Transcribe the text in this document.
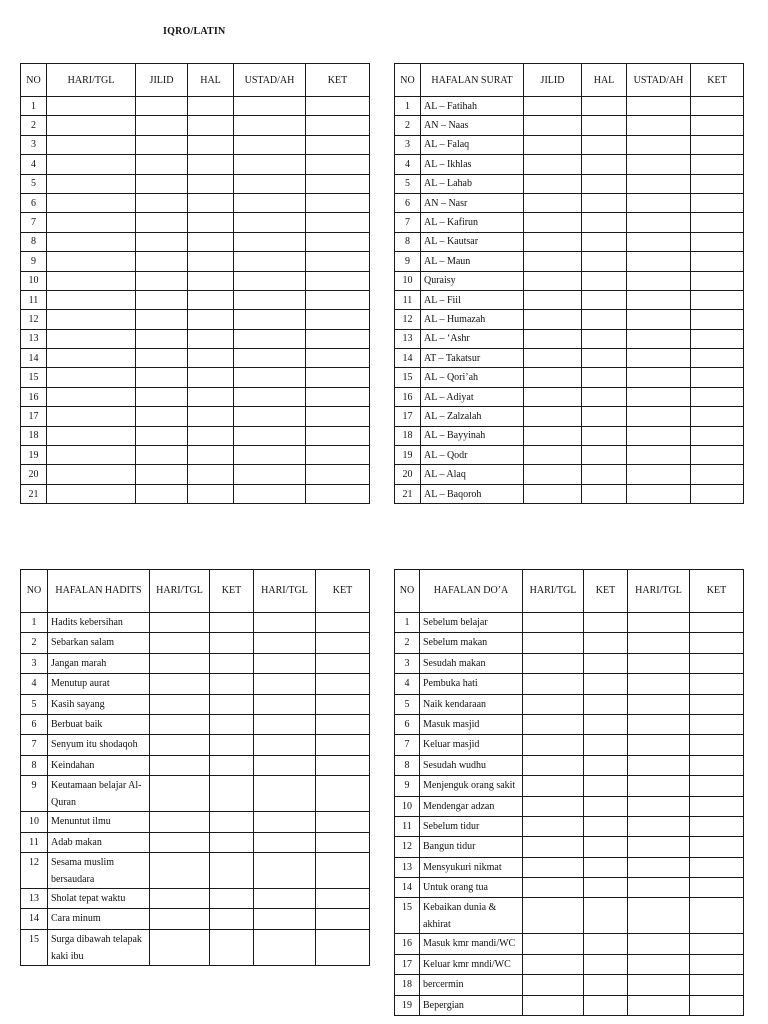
IQRO/LATIN
NO	HARI/TGL	JILID	HAL	USTAD/AH	KET
1					
2					
3					
4					
5					
6					
7					
8					
9					
10					
11					
12					
13					
14					
15					
16					
17					
18					
19					
20					
21					
NO	HAFALAN SURAT	JILID	HAL	USTAD/AH	KET
1	AL – Fatihah				
2	AN – Naas				
3	AL – Falaq				
4	AL – Ikhlas				
5	AL – Lahab				
6	AN – Nasr				
7	AL – Kafirun				
8	AL – Kautsar				
9	AL – Maun				
10	Quraisy				
11	AL – Fiil				
12	AL – Humazah				
13	AL – ‘Ashr				
14	AT – Takatsur				
15	AL – Qori’ah				
16	AL – Adiyat				
17	AL – Zalzalah				
18	AL – Bayyinah				
19	AL – Qodr				
20	AL – Alaq				
21	AL – Baqoroh				
NO	HAFALAN HADITS	HARI/TGL	KET	HARI/TGL	KET
1	Hadits kebersihan				
2	Sebarkan salam				
3	Jangan marah				
4	Menutup aurat				
5	Kasih sayang				
6	Berbuat baik				
7	Senyum itu shodaqoh				
8	Keindahan				
9	Keutamaan belajar Al-Quran				
10	Menuntut ilmu				
11	Adab makan				
12	Sesama muslim bersaudara				
13	Sholat tepat waktu				
14	Cara minum				
15	Surga dibawah telapak kaki ibu				
NO	HAFALAN DO’A	HARI/TGL	KET	HARI/TGL	KET
1	Sebelum belajar				
2	Sebelum makan				
3	Sesudah makan				
4	Pembuka hati				
5	Naik kendaraan				
6	Masuk masjid				
7	Keluar masjid				
8	Sesudah wudhu				
9	Menjenguk orang sakit				
10	Mendengar adzan				
11	Sebelum tidur				
12	Bangun tidur				
13	Mensyukuri nikmat				
14	Untuk orang tua				
15	Kebaikan dunia & akhirat				
16	Masuk kmr mandi/WC				
17	Keluar kmr mndi/WC				
18	bercermin				
19	Bepergian				
